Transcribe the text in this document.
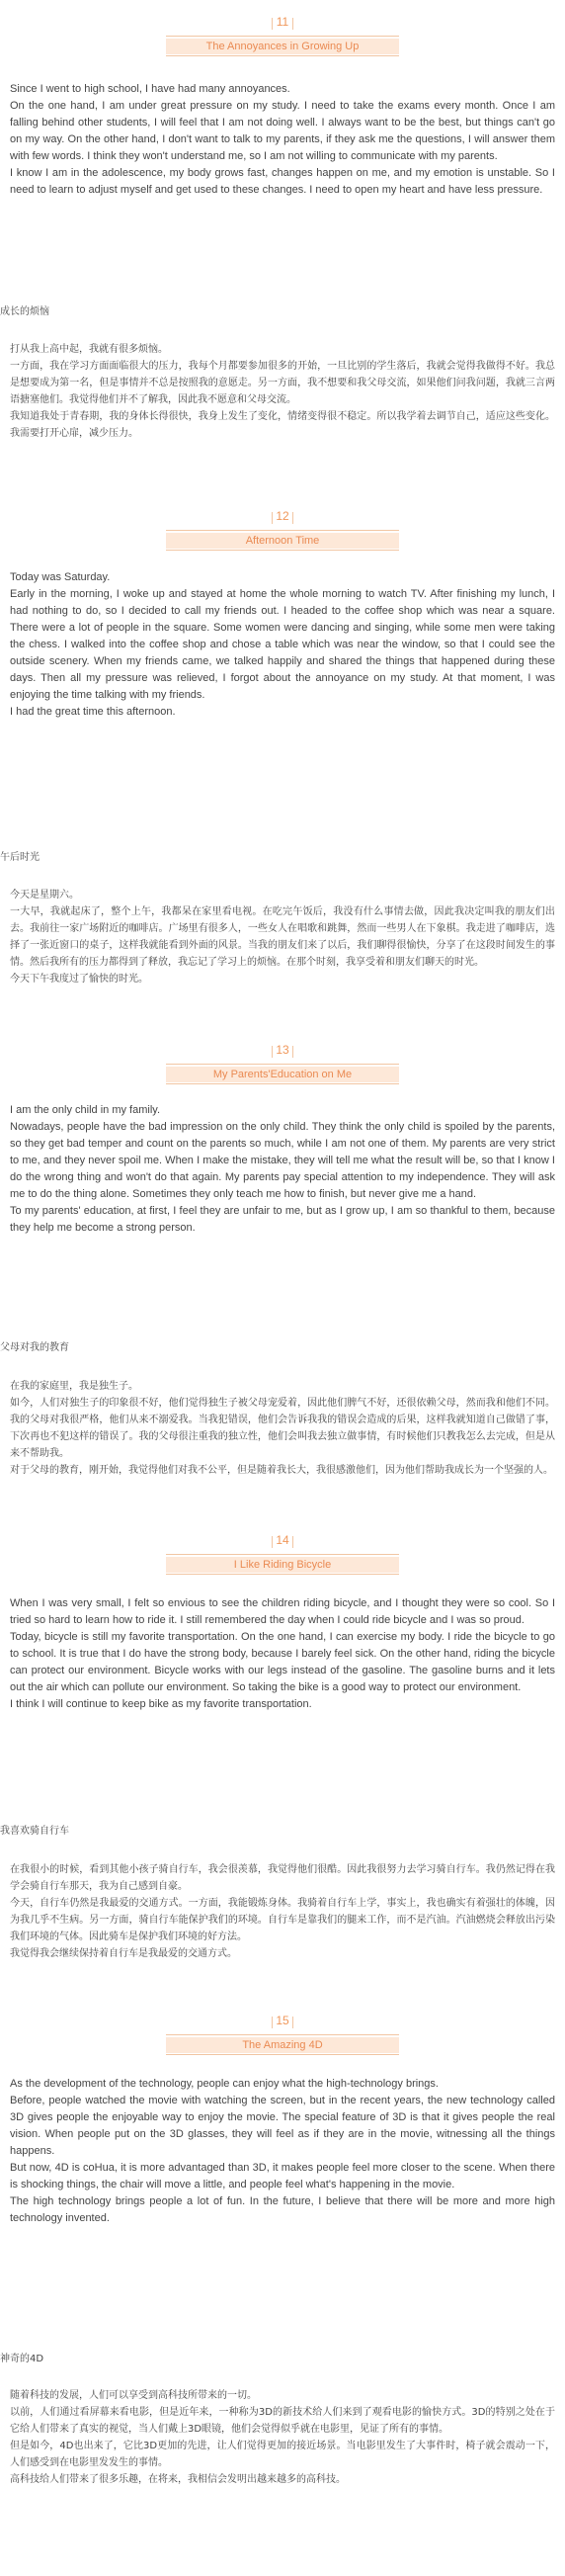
11
The Annoyances in Growing Up

Since I went to high school, I have had many annoyances.

On the one hand, I am under great pressure on my study. I need to take the exams every month. Once I am falling behind other students, I will feel that I am not doing well. I always want to be the best, but things can't go on my way. On the other hand, I don't want to talk to my parents, if they ask me the questions, I will answer them with few words. I think they won't understand me, so I am not willing to communicate with my parents.

I know I am in the adolescence, my body grows fast, changes happen on me, and my emotion is unstable. So I need to learn to adjust myself and get used to these changes. I need to open my heart and have less pressure.

成长的烦恼

打从我上高中起，我就有很多烦恼。

一方面，我在学习方面面临很大的压力，我每个月都要参加很多的开始，一旦比别的学生落后，我就会觉得我做得不好。我总是想要成为第一名，但是事情并不总是按照我的意愿走。另一方面，我不想要和我父母交流，如果他们问我问题，我就三言两语搪塞他们。我觉得他们并不了解我，因此我不愿意和父母交流。

我知道我处于青春期，我的身体长得很快，我身上发生了变化，情绪变得很不稳定。所以我学着去调节自己，适应这些变化。我需要打开心扉，减少压力。

12
Afternoon Time

Today was Saturday.

Early in the morning, I woke up and stayed at home the whole morning to watch TV. After finishing my lunch, I had nothing to do, so I decided to call my friends out. I headed to the coffee shop which was near a square. There were a lot of people in the square. Some women were dancing and singing, while some men were taking the chess. I walked into the coffee shop and chose a table which was near the window, so that I could see the outside scenery. When my friends came, we talked happily and shared the things that happened during these days. Then all my pressure was relieved, I forgot about the annoyance on my study. At that moment, I was enjoying the time talking with my friends.

I had the great time this afternoon.

午后时光

今天是星期六。

一大早，我就起床了，整个上午，我都呆在家里看电视。在吃完午饭后，我没有什么事情去做，因此我决定叫我的朋友们出去。我前往一家广场附近的咖啡店。广场里有很多人，一些女人在唱歌和跳舞，然而一些男人在下象棋。我走进了咖啡店，选择了一张近窗口的桌子，这样我就能看到外面的风景。当我的朋友们来了以后，我们聊得很愉快，分享了在这段时间发生的事情。然后我所有的压力都得到了释放，我忘记了学习上的烦恼。在那个时刻，我享受着和朋友们聊天的时光。

今天下午我度过了愉快的时光。

13
My Parents'Education on Me

I am the only child in my family.

Nowadays, people have the bad impression on the only child. They think the only child is spoiled by the parents, so they get bad temper and count on the parents so much, while I am not one of them. My parents are very strict to me, and they never spoil me. When I make the mistake, they will tell me what the result will be, so that I know I do the wrong thing and won't do that again. My parents pay special attention to my independence. They will ask me to do the thing alone. Sometimes they only teach me how to finish, but never give me a hand.

To my parents' education, at first, I feel they are unfair to me, but as I grow up, I am so thankful to them, because they help me become a strong person.

父母对我的教育

在我的家庭里，我是独生子。

如今，人们对独生子的印象很不好，他们觉得独生子被父母宠爱着，因此他们脾气不好，还很依赖父母，然而我和他们不同。我的父母对我很严格，他们从来不溺爱我。当我犯错误，他们会告诉我我的错误会造成的后果，这样我就知道自己做错了事，下次再也不犯这样的错误了。我的父母很注重我的独立性，他们会叫我去独立做事情，有时候他们只教我怎么去完成，但是从来不帮助我。

对于父母的教育，刚开始，我觉得他们对我不公平，但是随着我长大，我很感激他们，因为他们帮助我成长为一个坚强的人。

14
I Like Riding Bicycle

When I was very small, I felt so envious to see the children riding bicycle, and I thought they were so cool. So I tried so hard to learn how to ride it. I still remembered the day when I could ride bicycle and I was so proud.

Today, bicycle is still my favorite transportation. On the one hand, I can exercise my body. I ride the bicycle to go to school. It is true that I do have the strong body, because I barely feel sick. On the other hand, riding the bicycle can protect our environment. Bicycle works with our legs instead of the gasoline. The gasoline burns and it lets out the air which can pollute our environment. So taking the bike is a good way to protect our environment.

I think I will continue to keep bike as my favorite transportation.

我喜欢骑自行车

在我很小的时候，看到其他小孩子骑自行车，我会很羡慕，我觉得他们很酷。因此我很努力去学习骑自行车。我仍然记得在我学会骑自行车那天，我为自己感到自豪。

今天，自行车仍然是我最爱的交通方式。一方面，我能锻炼身体。我骑着自行车上学，事实上，我也确实有着强壮的体魄，因为我几乎不生病。另一方面，骑自行车能保护我们的环境。自行车是靠我们的腿来工作，而不是汽油。汽油燃烧会释放出污染我们环境的气体。因此骑车是保护我们环境的好方法。

我觉得我会继续保持着自行车是我最爱的交通方式。

15
The Amazing 4D

As the development of the technology, people can enjoy what the high-technology brings.

Before, people watched the movie with watching the screen, but in the recent years, the new technology called 3D gives people the enjoyable way to enjoy the movie. The special feature of 3D is that it gives people the real vision. When people put on the 3D glasses, they will feel as if they are in the movie, witnessing all the things happens.

But now, 4D is coHua, it is more advantaged than 3D, it makes people feel more closer to the scene. When there is shocking things, the chair will move a little, and people feel what's happening in the movie.

The high technology brings people a lot of fun. In the future, I believe that there will be more and more high technology invented.

神奇的4D

随着科技的发展，人们可以享受到高科技所带来的一切。

以前，人们通过看屏幕来看电影，但是近年来，一种称为3D的新技术给人们来到了观看电影的愉快方式。3D的特别之处在于它给人们带来了真实的视觉，当人们戴上3D眼镜，他们会觉得似乎就在电影里，见证了所有的事情。

但是如今，4D也出来了，它比3D更加的先进，让人们觉得更加的接近场景。当电影里发生了大事件时，椅子就会震动一下，人们感受到在电影里发发生的事情。

高科技给人们带来了很多乐趣，在将来，我相信会发明出越来越多的高科技。
